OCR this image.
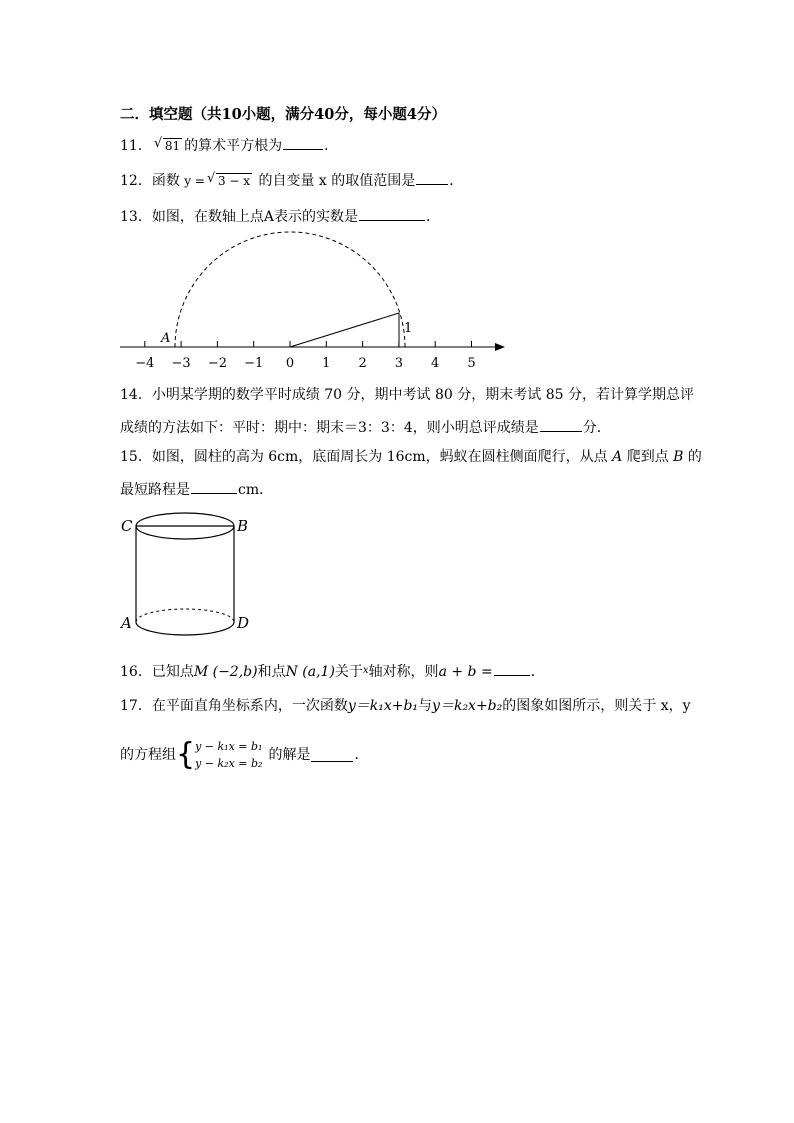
二．填空题（共10小题，满分40分，每小题4分）
11． √ 81 的算术平方根为	．
12．函数 y = √ 3 − x 的自变量 x 的取值范围是 ．
13．如图，在数轴上点A表示的实数是	．
1
A
−4 −3 −2 −1 0 1 2 3 4 5
14．小明某学期的数学平时成绩 70 分，期中考试 80 分，期末考试 85 分，若计算学期总评
成绩的方法如下：平时：期中：期末＝3：3：4，则小明总评成绩是	分．
15．如图，圆柱的高为 6cm，底面周长为 16cm，蚂蚁在圆柱侧面爬行，从点 A 爬到点 B 的
最短路程是	cm．
C	B
A	D
16．已知点M (−2,b)和点N (a,1)关于$^x$轴对称，则a + b =	．
17．在平面直角坐标系内，一次函数y＝k₁x+b₁与y＝k₂x+b₂的图象如图所示，则关于 x，y
的方程组{ y − k₁x = b₁
y − k₂x = b₂
的解是	．
